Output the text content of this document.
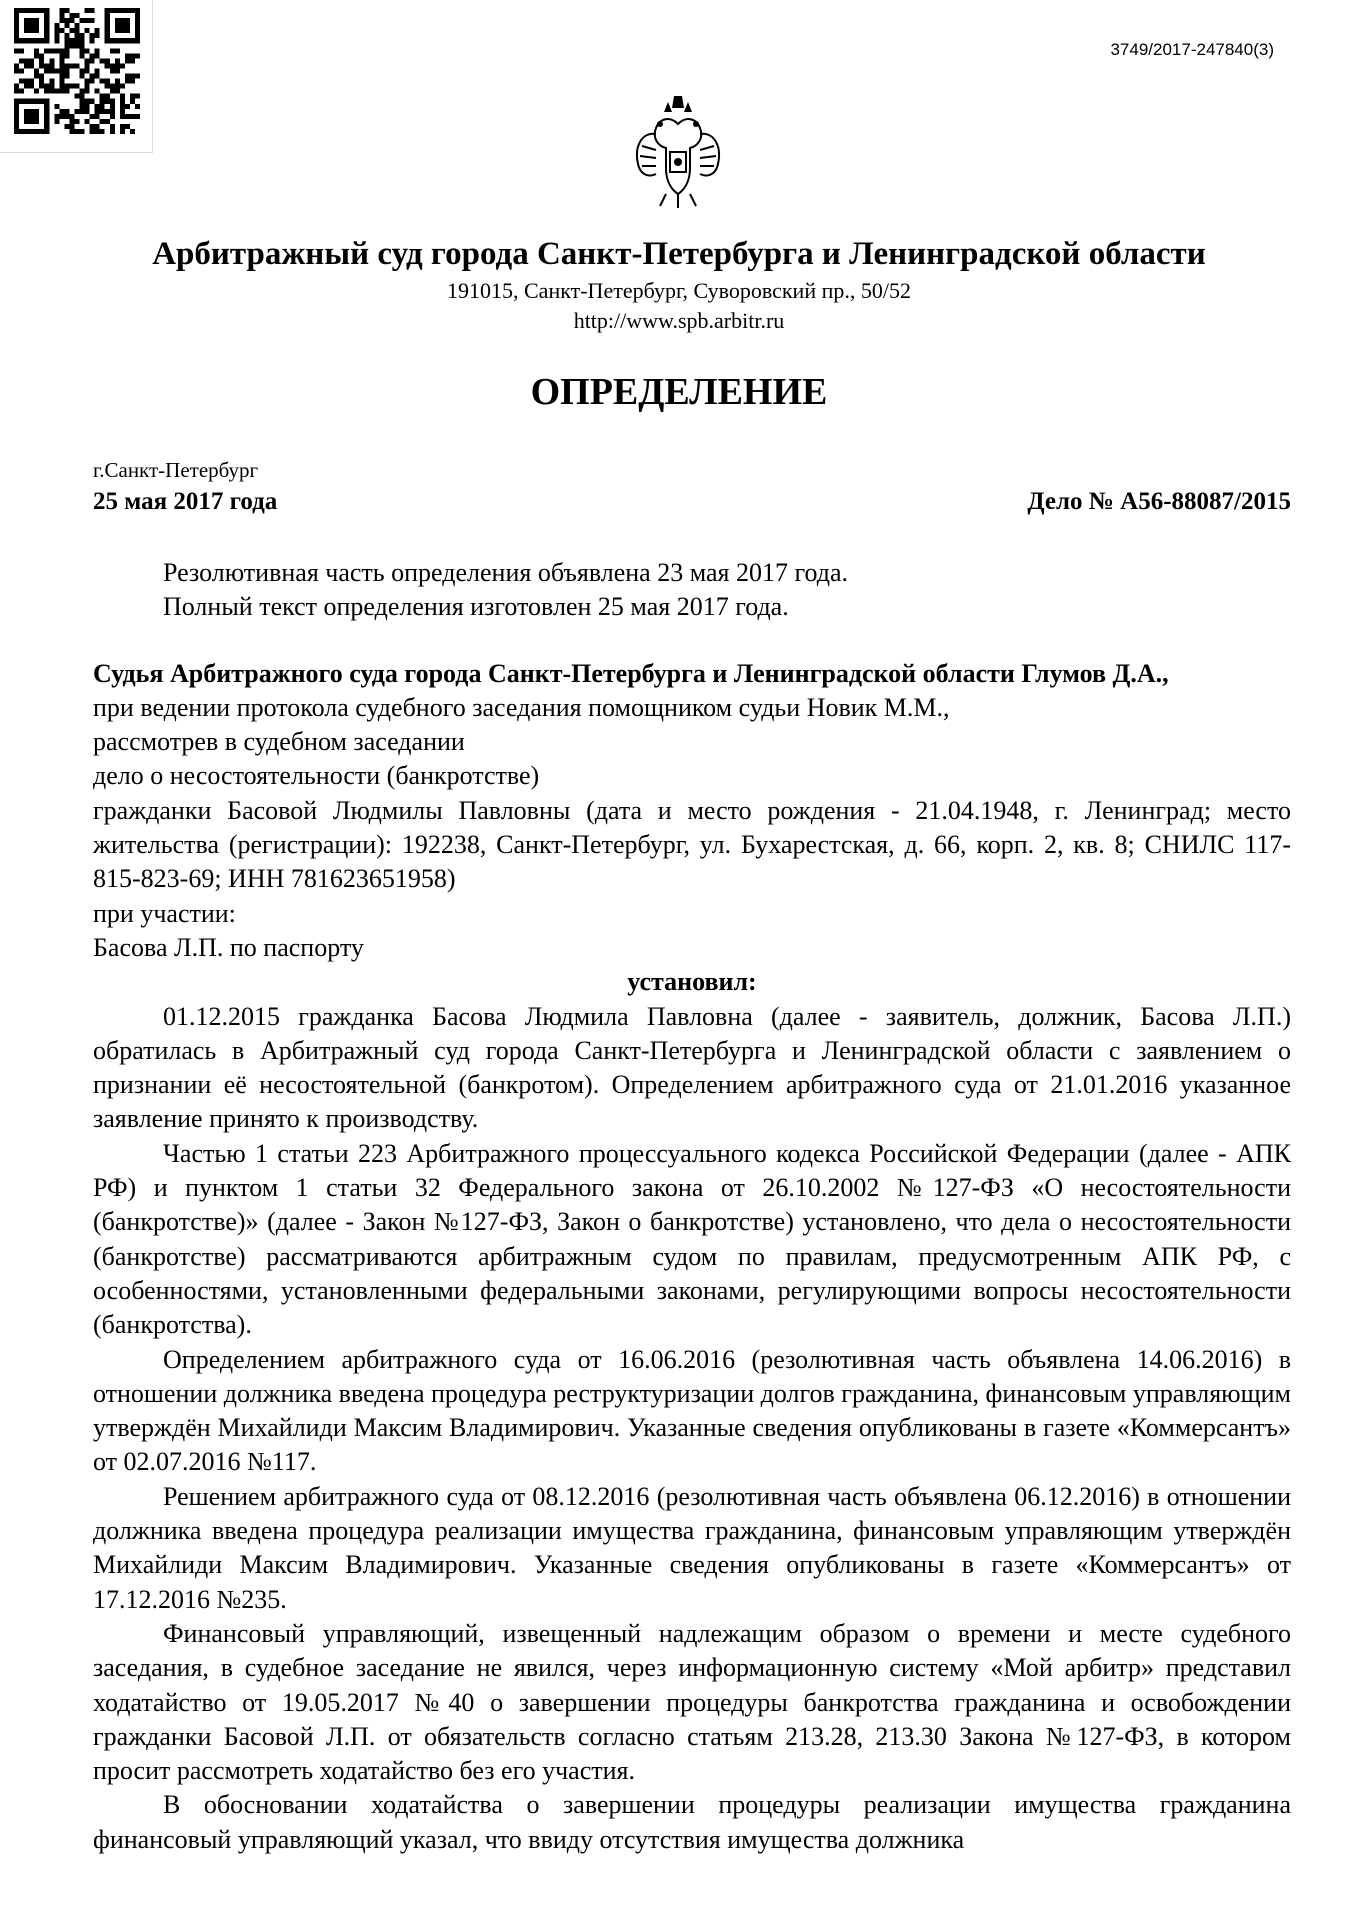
3749/2017-247840(3)
Арбитражный суд города Санкт-Петербурга и Ленинградской области
191015, Санкт-Петербург, Суворовский пр., 50/52
http://www.spb.arbitr.ru
ОПРЕДЕЛЕНИЕ
г.Санкт-Петербург
25 мая 2017 года	Дело № А56-88087/2015

Резолютивная часть определения объявлена 23 мая 2017 года.

Полный текст определения изготовлен 25 мая 2017 года.

Судья Арбитражного суда города Санкт-Петербурга и Ленинградской области Глумов Д.А.,

при ведении протокола судебного заседания помощником судьи Новик М.М.,

рассмотрев в судебном заседании

дело о несостоятельности (банкротстве)

гражданки Басовой Людмилы Павловны (дата и место рождения - 21.04.1948, г. Ленинград; место жительства (регистрации): 192238, Санкт-Петербург, ул. Бухарестская, д. 66, корп. 2, кв. 8; СНИЛС 117-815-823-69; ИНН 781623651958)

при участии:

Басова Л.П. по паспорту

установил:

01.12.2015 гражданка Басова Людмила Павловна (далее - заявитель, должник, Басова Л.П.) обратилась в Арбитражный суд города Санкт-Петербурга и Ленинградской области с заявлением о признании её несостоятельной (банкротом). Определением арбитражного суда от 21.01.2016 указанное заявление принято к производству.

Частью 1 статьи 223 Арбитражного процессуального кодекса Российской Федерации (далее - АПК РФ) и пунктом 1 статьи 32 Федерального закона от 26.10.2002 №127-ФЗ «О несостоятельности (банкротстве)» (далее - Закон №127-ФЗ, Закон о банкротстве) установлено, что дела о несостоятельности (банкротстве) рассматриваются арбитражным судом по правилам, предусмотренным АПК РФ, с особенностями, установленными федеральными законами, регулирующими вопросы несостоятельности (банкротства).

Определением арбитражного суда от 16.06.2016 (резолютивная часть объявлена 14.06.2016) в отношении должника введена процедура реструктуризации долгов гражданина, финансовым управляющим утверждён Михайлиди Максим Владимирович. Указанные сведения опубликованы в газете «Коммерсантъ» от 02.07.2016 №117.

Решением арбитражного суда от 08.12.2016 (резолютивная часть объявлена 06.12.2016) в отношении должника введена процедура реализации имущества гражданина, финансовым управляющим утверждён Михайлиди Максим Владимирович. Указанные сведения опубликованы в газете «Коммерсантъ» от 17.12.2016 №235.

Финансовый управляющий, извещенный надлежащим образом о времени и месте судебного заседания, в судебное заседание не явился, через информационную систему «Мой арбитр» представил ходатайство от 19.05.2017 №40 о завершении процедуры банкротства гражданина и освобождении гражданки Басовой Л.П. от обязательств согласно статьям 213.28, 213.30 Закона №127-ФЗ, в котором просит рассмотреть ходатайство без его участия.

В обосновании ходатайства о завершении процедуры реализации имущества гражданина финансовый управляющий указал, что ввиду отсутствия имущества должника
